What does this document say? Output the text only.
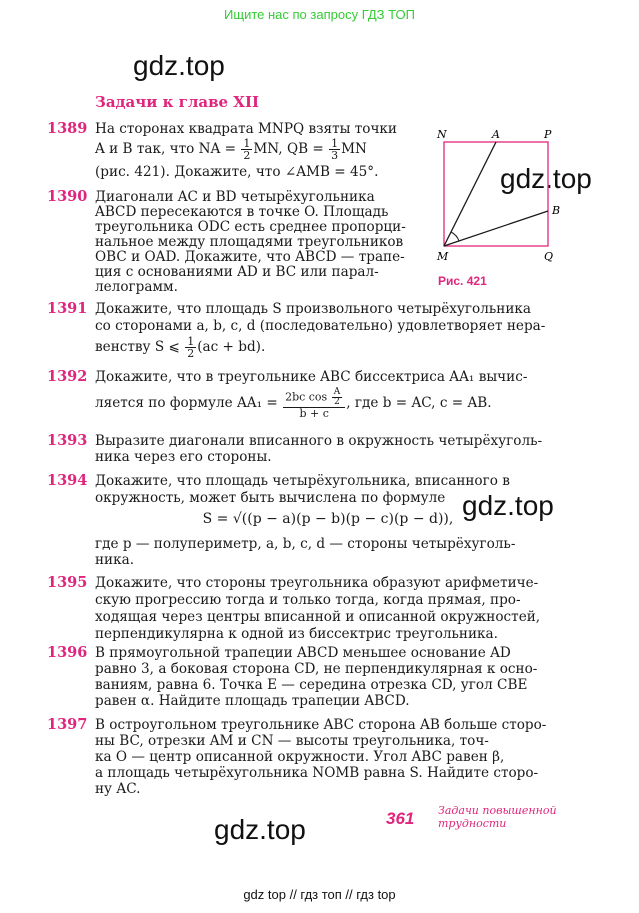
Ищите нас по запросу ГДЗ ТОП
gdz.top
gdz.top
gdz.top
gdz.top
Задачи к главе XII
N	A	P
B
M	Q
Рис. 421
1389 На сторонах квадрата MNPQ взяты точки
A и B так, что NA = $\frac{1}{2}$ MN, QB = $\frac{1}{3}$ MN
(рис. 421). Докажите, что ∠AMB = 45°.
1390 Диагонали AC и BD четырёхугольника
ABCD пересекаются в точке O. Площадь
треугольника ODC есть среднее пропорци-
нальное между площадями треугольников
OBC и OAD. Докажите, что ABCD — трапе-
ция с основаниями AD и BC или парал-
лелограмм.
1391 Докажите, что площадь S произвольного четырёхугольника
со сторонами a, b, c, d (последовательно) удовлетворяет нера-
венству S ⩽ $\frac{1}{2} (ac + bd)$.
1392 Докажите, что в треугольнике ABC биссектриса AA₁ вычис-
ляется по формуле $AA_1 = \frac{2bc \cos \frac{A}{2}}{b + c}$ , где b = AC, c = AB.
1393 Выразите диагонали вписанного в окружность четырёхуголь-
ника через его стороны.
1394 Докажите, что площадь четырёхугольника, вписанного в
окружность, может быть вычислена по формуле
S = √((p − a)(p − b)(p − c)(p − d)),
где p — полупериметр, a, b, c, d — стороны четырёхуголь-
ника.
1395 Докажите, что стороны треугольника образуют арифметиче-
скую прогрессию тогда и только тогда, когда прямая, про-
ходящая через центры вписанной и описанной окружностей,
перпендикулярна к одной из биссектрис треугольника.
1396 В прямоугольной трапеции ABCD меньшее основание AD
равно 3, а боковая сторона CD, не перпендикулярная к осно-
ваниям, равна 6. Точка E — середина отрезка CD, угол CBE
равен α. Найдите площадь трапеции ABCD.
1397 В остроугольном треугольнике ABC сторона AB больше сторо-
ны BC, отрезки AM и CN — высоты треугольника, точ-
ка O — центр описанной окружности. Угол ABC равен β,
а площадь четырёхугольника NOMB равна S. Найдите сторо-
ну AC.
361 Задачи повышенной
трудности
gdz top // гдз топ // гдз top
